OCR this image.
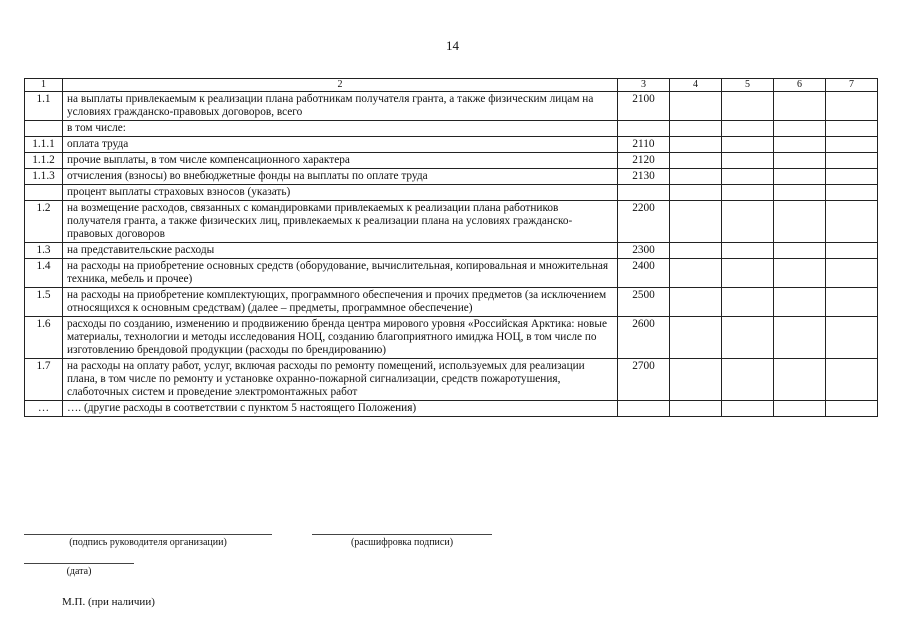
14
1	2	3	4	5	6	7
1.1	на выплаты привлекаемым к реализации плана работникам получателя гранта, а также физическим лицам на условиях гражданско-правовых договоров, всего	2100				
	в том числе:					
1.1.1	оплата труда	2110				
1.1.2	прочие выплаты, в том числе компенсационного характера	2120				
1.1.3	отчисления (взносы) во внебюджетные фонды на выплаты по оплате труда	2130				
	процент выплаты страховых взносов (указать)					
1.2	на возмещение расходов, связанных с командировками привлекаемых к реализации плана работников получателя гранта, а также физических лиц, привлекаемых к реализации плана на условиях гражданско-правовых договоров	2200				
1.3	на представительские расходы	2300				
1.4	на расходы на приобретение основных средств (оборудование, вычислительная, копировальная и множительная техника, мебель и прочее)	2400				
1.5	на расходы на приобретение комплектующих, программного обеспечения и прочих предметов (за исключением относящихся к основным средствам) (далее – предметы, программное обеспечение)	2500				
1.6	расходы по созданию, изменению и продвижению бренда центра мирового уровня «Российская Арктика: новые материалы, технологии и методы исследования НОЦ, созданию благоприятного имиджа НОЦ, в том числе по изготовлению брендовой продукции (расходы по брендированию)	2600				
1.7	на расходы на оплату работ, услуг, включая расходы по ремонту помещений, используемых для реализации плана, в том числе по ремонту и установке охранно-пожарной сигнализации, средств пожаротушения, слаботочных систем и проведение электромонтажных работ	2700				
…	…. (другие расходы в соответствии с пунктом 5 настоящего Положения)					
(подпись руководителя организации)	(расшифровка подписи)
(дата)
М.П. (при наличии)
